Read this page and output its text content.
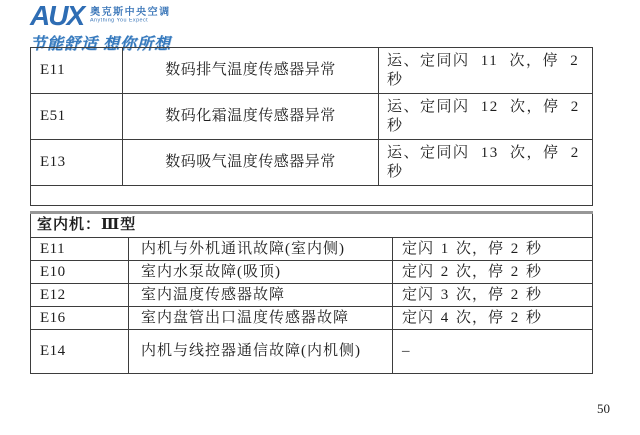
AUX 奥克斯中央空调
Anything You Expect
节能舒适 想你所想
E11	数码排气温度传感器异常	运、定同闪 11 次，停 2 秒
E51	数码化霜温度传感器异常	运、定同闪 12 次，停 2 秒
E13	数码吸气温度传感器异常	运、定同闪 13 次，停 2 秒

室内机：Ⅲ型		
E11	内机与外机通讯故障(室内侧)	定闪 1 次，停 2 秒
E10	室内水泵故障(吸顶)	定闪 2 次，停 2 秒
E12	室内温度传感器故障	定闪 3 次，停 2 秒
E16	室内盘管出口温度传感器故障	定闪 4 次，停 2 秒
E14	内机与线控器通信故障(内机侧)	–
50
